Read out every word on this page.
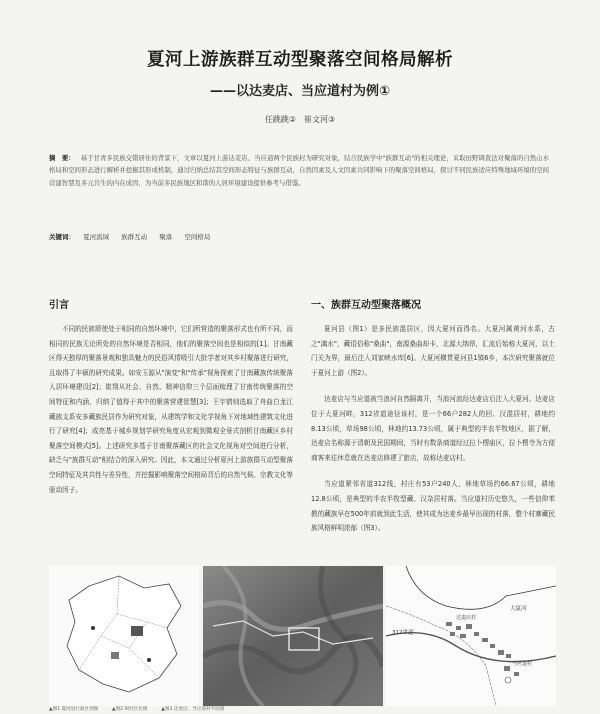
夏河上游族群互动型聚落空间格局解析
——以达麦店、当应道村为例①
任跳跳②　崔文河③
摘　要： 基于甘青多民族交错居住的背景下，文章以夏河上游达麦店、当应道两个民族村为研究对象，结合民族学中"族群互动"的相关理论，采取田野调查法对聚落的自然山水格局和空间形态进行解析并挖掘其形成机制，通过归纳总结其空间形态特征与族群互动，自然因素及人文因素共同影响下的聚落空间格局，探讨不同民族适应特殊地域环境的空间营建智慧及多元共生的内在成因，为当前多民族地区和谐的人居环境建设提供参考与借鉴。
关键词： 夏河流域 族群互动 聚落 空间格局
引言

不同的民族即使处于相同的自然环境中，它们所营造的聚落形式也有所不同，而相同的民族无论所处的自然环境是否相同，他们的聚落空间也是相似的[1]。甘南藏区得天独厚的聚落景观和独具魅力的民俗风情吸引大批学者对其乡村聚落进行研究，且取得了丰硕的研究成果。如安玉源从"演变"和"传承"视角探索了甘南藏族传统聚落人居环境建设[2]；崔翔从社会、自然、精神信仰三个层面梳理了甘南传统聚落的空间特征和内涵，归纳了值得于其中的聚落营建智慧[3]；王宇倩则选取了舟曲白龙江藏族支系安多藏族民居作为研究对象，从建筑学和文化学视角下对地域性建筑文化进行了研究[4]；成亮基于城乡规划学研究角度从宏观到微观全景式剖析甘南藏区乡村聚落空间模式[5]。上述研究多基于甘南聚落藏区的社会文化视角对空间进行分析，缺乏与"族群互动"相结合的深入研究。因此，本文通过分析夏河上游族群互动型聚落空间特征及其共性与差异性，并挖掘影响聚落空间格局背后的自然气候、宗教文化等驱动因子。

一、族群互动型聚落概况

夏河县（图1）是多民族混居区，因大夏河而得名。大夏河属黄河水系，古之"漓水"，藏语俗称"桑曲"，南源桑曲却卡，北源大纳昂，汇流后始称大夏河，以土门关为界，最后注入刘家峡水库[6]。大夏河横贯夏河县1镇6乡，本次研究聚落就位于夏河上游（图2）。

达麦店与当应道被当浪河自然隔离开，当浪河流经达麦店后注入大夏河。达麦店位于大夏河畔，312省道途径该村，是一个66户282人的回、汉混居村，耕地约8.13公顷，草场98公顷，林地约13.73公顷，属于典型的半农半牧地区，据了解，达麦店名称源于清朝及民国期间，当时有数条商道经过拉卜楞庙区，拉卜楞寺为方便商客来往休息就在达麦店修建了旅店，故称达麦店村。

当应道紧邻省道312线，村庄有53户240人，林地草场约66.67公顷，耕地12.8公顷，是典型的半农半牧型藏、汉杂居村落。当应道村历史悠久，一些信仰苯教的藏族早在500年前就到此生活，使其成为达麦乡最早出现的村落，整个村寨藏民族风格鲜明浓郁（图3）。

大夏河
312省道
达麦店村
当应道村
▲图1 夏河县行政区划图　　　▲图2 研究区位图　　　▲图3 达麦店、当应道村平面图
